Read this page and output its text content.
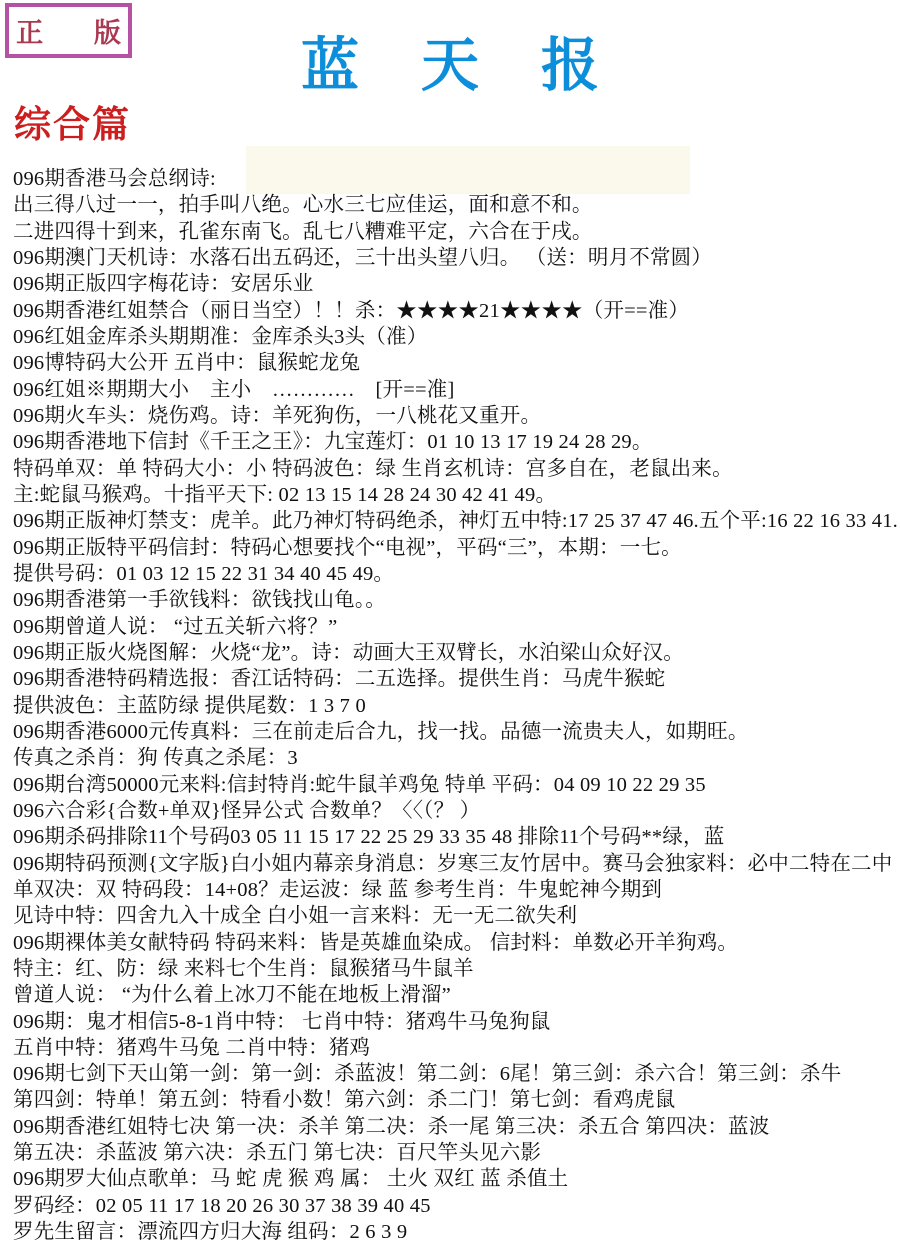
正 版	蓝天报
综合篇
096期香港马会总纲诗:
出三得八过一一，拍手叫八绝。心水三七应佳运，面和意不和。
二进四得十到来，孔雀东南飞。乱七八糟难平定，六合在于戌。
096期澳门天机诗：水落石出五码还，三十出头望八归。 （送：明月不常圆）
096期正版四字梅花诗：安居乐业
096期香港红姐禁合（丽日当空）！！杀：★★★★21★★★★（开==准）
096红姐金库杀头期期准：金库杀头3头（准）
096博特码大公开 五肖中：鼠猴蛇龙兔
096红姐※期期大小　主小　…………　[开==准]
096期火车头：烧伤鸡。诗：羊死狗伤，一八桃花又重开。
096期香港地下信封《千王之王》：九宝莲灯：01 10 13 17 19 24 28 29。
特码单双：单 特码大小：小 特码波色：绿 生肖玄机诗：宫多自在，老鼠出来。
主:蛇鼠马猴鸡。十指平天下: 02 13 15 14 28 24 30 42 41 49。
096期正版神灯禁支：虎羊。此乃神灯特码绝杀，神灯五中特:17 25 37 47 46.五个平:16 22 16 33 41.
096期正版特平码信封：特码心想要找个“电视”，平码“三”，本期：一七。
提供号码：01 03 12 15 22 31 34 40 45 49。
096期香港第一手欲钱料：欲钱找山龟。。
096期曾道人说： “过五关斩六将？”
096期正版火烧图解：火烧“龙”。诗：动画大王双臂长，水泊梁山众好汉。
096期香港特码精选报：香江话特码：二五选择。提供生肖：马虎牛猴蛇
提供波色：主蓝防绿 提供尾数：1 3 7 0
096期香港6000元传真料：三在前走后合九，找一找。品德一流贵夫人，如期旺。
传真之杀肖：狗 传真之杀尾：3
096期台湾50000元来料:信封特肖:蛇牛鼠羊鸡兔 特单 平码：04 09 10 22 29 35
096六合彩{合数+单双}怪异公式 合数单？〈〈（？ ）
096期杀码排除11个号码03 05 11 15 17 22 25 29 33 35 48 排除11个号码**绿，蓝
096期特码预测{文字版}白小姐内幕亲身消息：岁寒三友竹居中。赛马会独家料：必中二特在二中
单双决：双 特码段：14+08？走运波：绿 蓝 参考生肖：牛鬼蛇神今期到
见诗中特：四舍九入十成全 白小姐一言来料：无一无二欲失利
096期裸体美女献特码 特码来料：皆是英雄血染成。 信封料：单数必开羊狗鸡。
特主：红、防：绿 来料七个生肖：鼠猴猪马牛鼠羊
曾道人说： “为什么着上冰刀不能在地板上滑溜”
096期：鬼才相信5-8-1肖中特： 七肖中特：猪鸡牛马兔狗鼠
五肖中特：猪鸡牛马兔 二肖中特：猪鸡
096期七剑下天山第一剑：第一剑：杀蓝波！第二剑：6尾！第三剑：杀六合！第三剑：杀牛
第四剑：特单！第五剑：特看小数！第六剑：杀二门！第七剑：看鸡虎鼠
096期香港红姐特七决 第一决：杀羊 第二决：杀一尾 第三决：杀五合 第四决：蓝波
第五决：杀蓝波 第六决：杀五门 第七决：百尺竿头见六影
096期罗大仙点歌单：马 蛇 虎 猴 鸡 属： 土火 双红 蓝 杀值土
罗码经：02 05 11 17 18 20 26 30 37 38 39 40 45
罗先生留言：漂流四方归大海 组码：2 6 3 9
